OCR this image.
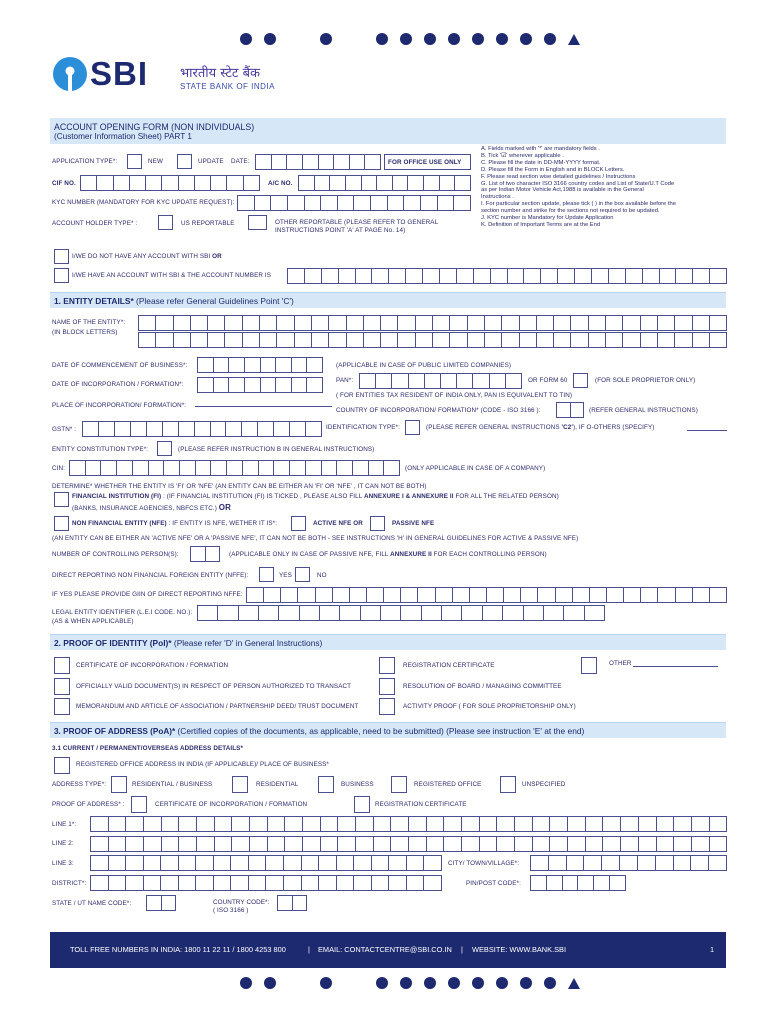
SBI भारतीय स्टेट बैंक
STATE BANK OF INDIA
ACCOUNT OPENING FORM (NON INDIVIDUALS)
(Customer Information Sheet) PART 1
A. Fields marked with '*' are mandatory fields .
B. Tick '☑' wherever applicable .
C. Please fill the date in DD-MM-YYYY format.
D. Please fill the Form in English and in BLOCK Letters.
F. Please read section wise detailed guidelines / Instructions
G. List of two character ISO 3166 country codes and List of State/U.T Code
as per Indian Motor Vehicle Act,1988 is available in the General
Instructions .
I. For particular section update, please tick ( ) in the box available before the
section number and strike for the sections not required to be updated.
J. KYC number is Mandatory for Update Application
K. Definition of Important Terms are at the End
APPLICATION TYPE*:	NEW	UPDATE DATE:	FOR OFFICE USE ONLY
CIF NO.	A/C NO.
KYC NUMBER (MANDATORY FOR KYC UPDATE REQUEST):
ACCOUNT HOLDER TYPE* :	US REPORTABLE	OTHER REPORTABLE (PLEASE REFER TO GENERAL
INSTRUCTIONS POINT 'A' AT PAGE No. 14)
I/WE DO NOT HAVE ANY ACCOUNT WITH SBI OR
I/WE HAVE AN ACCOUNT WITH SBI & THE ACCOUNT NUMBER IS
1. ENTITY DETAILS* (Please refer General Guidelines Point 'C')
NAME OF THE ENTITY*:
(IN BLOCK LETTERS)
DATE OF COMMENCEMENT OF BUSINESS*:	(APPLICABLE IN CASE OF PUBLIC LIMITED COMPANIES)
PAN*:	OR FORM 60	(FOR SOLE PROPRIETOR ONLY)
DATE OF INCORPORATION / FORMATION*:
( FOR ENTITIES TAX RESIDENT OF INDIA ONLY, PAN IS EQUIVALENT TO TIN)
PLACE OF INCORPORATION/ FORMATION*:
COUNTRY OF INCORPORATION/ FORMATION* (CODE - ISO 3166 ):	(REFER GENERAL INSTRUCTIONS)
GSTN* :	IDENTIFICATION TYPE*:	(PLEASE REFER GENERAL INSTRUCTIONS 'C2'), IF O-OTHERS (SPECIFY)
ENTITY CONSTITUTION TYPE*:	(PLEASE REFER INSTRUCTION B IN GENERAL INSTRUCTIONS)
CIN:	(ONLY APPLICABLE IN CASE OF A COMPANY)
DETERMINE* WHETHER THE ENTITY IS 'FI' OR 'NFE' (AN ENTITY CAN BE EITHER AN 'FI' OR 'NFE' , IT CAN NOT BE BOTH)
FINANCIAL INSTITUTION (FI) : (IF FINANCIAL INSTITUTION (FI) IS TICKED , PLEASE ALSO FILL ANNEXURE I & ANNEXURE II FOR ALL THE RELATED PERSON)
(BANKS, INSURANCE AGENCIES, NBFCS ETC.) OR
NON FINANCIAL ENTITY (NFE) : IF ENTITY IS NFE, WETHER IT IS*:	ACTIVE NFE OR	PASSIVE NFE
(AN ENTITY CAN BE EITHER AN 'ACTIVE NFE' OR A 'PASSIVE NFE', IT CAN NOT BE BOTH - SEE INSTRUCTIONS 'H' IN GENERAL GUIDELINES FOR ACTIVE & PASSIVE NFE)
NUMBER OF CONTROLLING PERSON(S):	(APPLICABLE ONLY IN CASE OF PASSIVE NFE, FILL ANNEXURE II FOR EACH CONTROLLING PERSON)
DIRECT REPORTING NON FINANCIAL FOREIGN ENTITY (NFFE):	YES	NO
IF YES PLEASE PROVIDE GIIN OF DIRECT REPORTING NFFE:
LEGAL ENTITY IDENTIFIER (L.E.I CODE. NO.):
(AS & WHEN APPLICABLE)
2. PROOF OF IDENTITY (PoI)* (Please refer 'D' in General Instructions)
CERTIFICATE OF INCORPORATION / FORMATION	REGISTRATION CERTIFICATE	OTHER
OFFICIALLY VALID DOCUMENT(S) IN RESPECT OF PERSON AUTHORIZED TO TRANSACT	RESOLUTION OF BOARD / MANAGING COMMITTEE
MEMORANDUM AND ARTICLE OF ASSOCIATION / PARTNERSHIP DEED/ TRUST DOCUMENT	ACTIVITY PROOF ( FOR SOLE PROPRIETORSHIP ONLY)
3. PROOF OF ADDRESS (PoA)* (Certified copies of the documents, as applicable, need to be submitted) (Please see instruction 'E' at the end)
3.1 CURRENT / PERMANENT/OVERSEAS ADDRESS DETAILS*
REGISTERED OFFICE ADDRESS IN INDIA (IF APPLICABLE)/ PLACE OF BUSINESS*
ADDRESS TYPE*:	RESIDENTIAL / BUSINESS	RESIDENTIAL	BUSINESS	REGISTERED OFFICE	UNSPECIFIED
PROOF OF ADDRESS* :	CERTIFICATE OF INCORPORATION / FORMATION	REGISTRATION CERTIFICATE
LINE 1*:
LINE 2:
LINE 3:	CITY/ TOWN/VILLAGE*:
DISTRICT*:	PIN/POST CODE*:
STATE / UT NAME CODE*:	COUNTRY CODE*:
( ISO 3166 )
TOLL FREE NUMBERS IN INDIA: 1800 11 22 11 / 1800 4253 800	| EMAIL: CONTACTCENTRE@SBI.CO.IN | WEBSITE: WWW.BANK.SBI	1
